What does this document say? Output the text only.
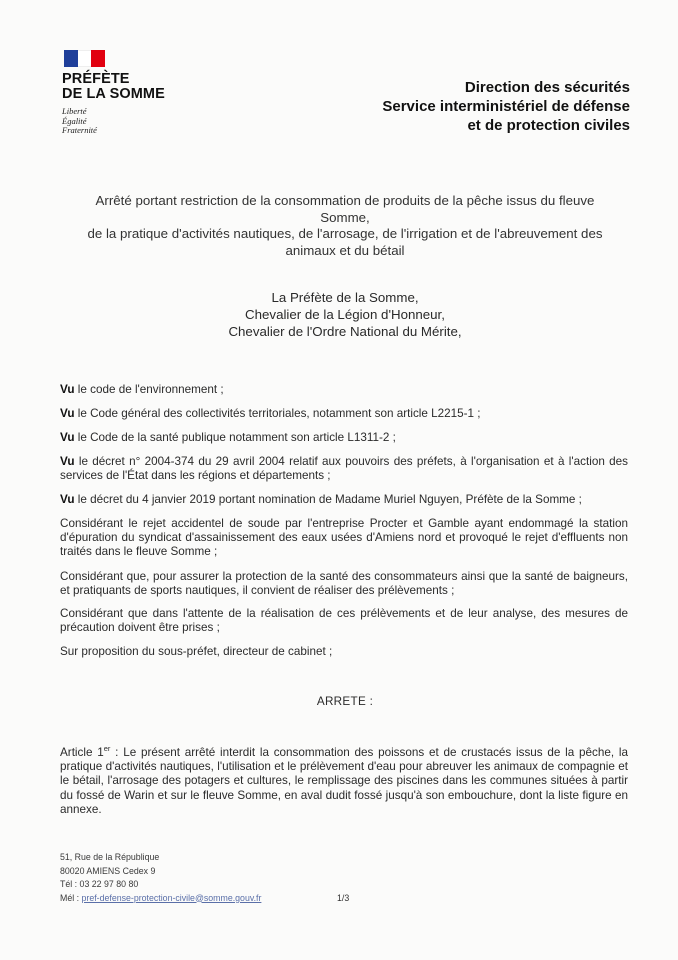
PRÉFÈTE
DE LA SOMME
Liberté
Égalité
Fraternité
Direction des sécurités
Service interministériel de défense
et de protection civiles
Arrêté portant restriction de la consommation de produits de la pêche issus du fleuve
Somme,
de la pratique d'activités nautiques, de l'arrosage, de l'irrigation et de l'abreuvement des
animaux et du bétail
La Préfète de la Somme,
Chevalier de la Légion d'Honneur,
Chevalier de l'Ordre National du Mérite,
Vu le code de l'environnement ;
Vu le Code général des collectivités territoriales, notamment son article L2215-1 ;
Vu le Code de la santé publique notamment son article L1311-2 ;
Vu le décret n° 2004-374 du 29 avril 2004 relatif aux pouvoirs des préfets, à l'organisation et à l'action des services de l'État dans les régions et départements ;
Vu le décret du 4 janvier 2019 portant nomination de Madame Muriel Nguyen, Préfète de la Somme ;
Considérant le rejet accidentel de soude par l'entreprise Procter et Gamble ayant endommagé la station d'épuration du syndicat d'assainissement des eaux usées d'Amiens nord et provoqué le rejet d'effluents non traités dans le fleuve Somme ;
Considérant que, pour assurer la protection de la santé des consommateurs ainsi que la santé de baigneurs, et pratiquants de sports nautiques, il convient de réaliser des prélèvements ;
Considérant que dans l'attente de la réalisation de ces prélèvements et de leur analyse, des mesures de précaution doivent être prises ;
Sur proposition du sous-préfet, directeur de cabinet ;
ARRETE :
Article 1er : Le présent arrêté interdit la consommation des poissons et de crustacés issus de la pêche, la pratique d'activités nautiques, l'utilisation et le prélèvement d'eau pour abreuver les animaux de compagnie et le bétail, l'arrosage des potagers et cultures, le remplissage des piscines dans les communes situées à partir du fossé de Warin et sur le fleuve Somme, en aval dudit fossé jusqu'à son embouchure, dont la liste figure en annexe.
51, Rue de la République
80020 AMIENS Cedex 9
Tél : 03 22 97 80 80
Mél : pref-defense-protection-civile@somme.gouv.fr	1/3
